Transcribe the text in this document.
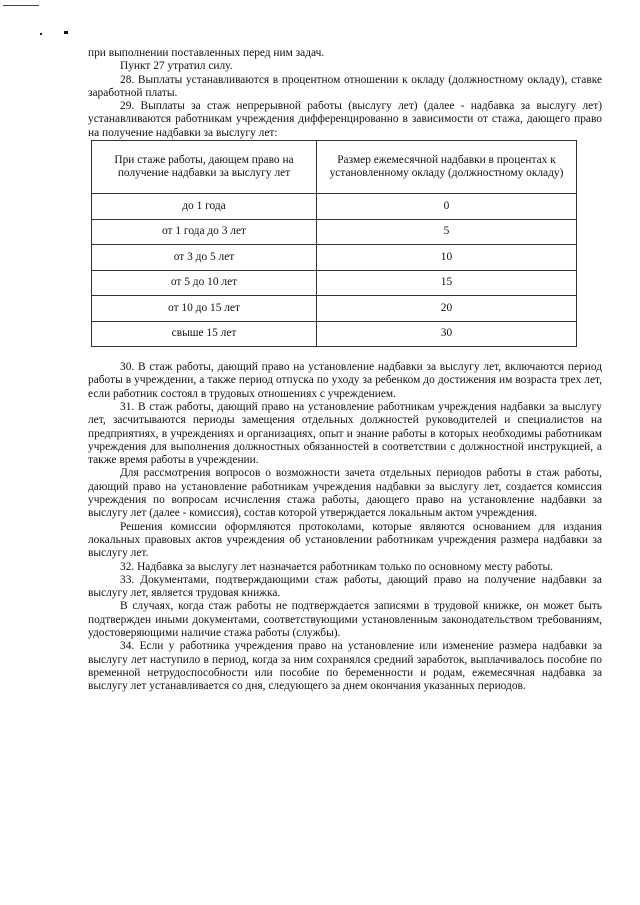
при выполнении поставленных перед ним задач.

Пункт 27 утратил силу.

28. Выплаты устанавливаются в процентном отношении к окладу (должностному окладу), ставке заработной платы.

29. Выплаты за стаж непрерывной работы (выслугу лет) (далее - надбавка за выслугу лет) устанавливаются работникам учреждения дифференцированно в зависимости от стажа, дающего право на получение надбавки за выслугу лет:

При стаже работы, дающем право на получение надбавки за выслугу лет	Размер ежемесячной надбавки в процентах к установленному окладу (должностному окладу)
до 1 года	0
от 1 года до 3 лет	5
от 3 до 5 лет	10
от 5 до 10 лет	15
от 10 до 15 лет	20
свыше 15 лет	30

30. В стаж работы, дающий право на установление надбавки за выслугу лет, включаются период работы в учреждении, а также период отпуска по уходу за ребенком до достижения им возраста трех лет, если работник состоял в трудовых отношениях с учреждением.

31. В стаж работы, дающий право на установление работникам учреждения надбавки за выслугу лет, засчитываются периоды замещения отдельных должностей руководителей и специалистов на предприятиях, в учреждениях и организациях, опыт и знание работы в которых необходимы работникам учреждения для выполнения должностных обязанностей в соответствии с должностной инструкцией, а также время работы в учреждении.

Для рассмотрения вопросов о возможности зачета отдельных периодов работы в стаж работы, дающий право на установление работникам учреждения надбавки за выслугу лет, создается комиссия учреждения по вопросам исчисления стажа работы, дающего право на установление надбавки за выслугу лет (далее - комиссия), состав которой утверждается локальным актом учреждения.

Решения комиссии оформляются протоколами, которые являются основанием для издания локальных правовых актов учреждения об установлении работникам учреждения размера надбавки за выслугу лет.

32. Надбавка за выслугу лет назначается работникам только по основному месту работы.

33. Документами, подтверждающими стаж работы, дающий право на получение надбавки за выслугу лет, является трудовая книжка.

В случаях, когда стаж работы не подтверждается записями в трудовой книжке, он может быть подтвержден иными документами, соответствующими установленным законодательством требованиям, удостоверяющими наличие стажа работы (службы).

34. Если у работника учреждения право на установление или изменение размера надбавки за выслугу лет наступило в период, когда за ним сохранялся средний заработок, выплачивалось пособие по временной нетрудоспособности или пособие по беременности и родам, ежемесячная надбавка за выслугу лет устанавливается со дня, следующего за днем окончания указанных периодов.
